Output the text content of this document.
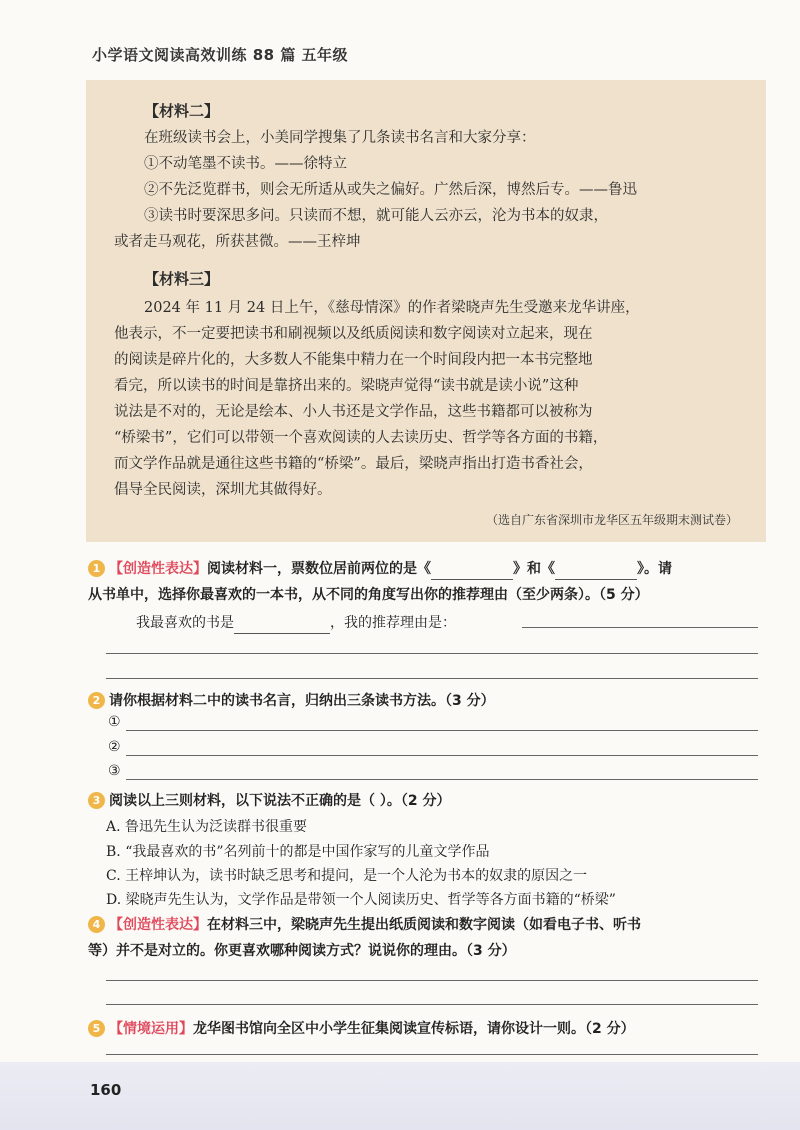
小学语文阅读高效训练 88 篇 五年级
【材料二】
在班级读书会上，小美同学搜集了几条读书名言和大家分享：
①不动笔墨不读书。——徐特立
②不先泛览群书，则会无所适从或失之偏好。广然后深，博然后专。——鲁迅
③读书时要深思多问。只读而不想，就可能人云亦云，沦为书本的奴隶，
或者走马观花，所获甚微。——王梓坤
【材料三】
2024 年 11 月 24 日上午，《慈母情深》的作者梁晓声先生受邀来龙华讲座，
他表示，不一定要把读书和刷视频以及纸质阅读和数字阅读对立起来，现在
的阅读是碎片化的，大多数人不能集中精力在一个时间段内把一本书完整地
看完，所以读书的时间是靠挤出来的。梁晓声觉得“读书就是读小说”这种
说法是不对的，无论是绘本、小人书还是文学作品，这些书籍都可以被称为
“桥梁书”，它们可以带领一个喜欢阅读的人去读历史、哲学等各方面的书籍，
而文学作品就是通往这些书籍的“桥梁”。最后，梁晓声指出打造书香社会，
倡导全民阅读，深圳尤其做得好。
（选自广东省深圳市龙华区五年级期末测试卷）
1 【创造性表达】阅读材料一，票数位居前两位的是《	》和《	》。请
从书单中，选择你最喜欢的一本书，从不同的角度写出你的推荐理由（至少两条）。（5 分）
我最喜欢的书是	，我的推荐理由是：
2 请你根据材料二中的读书名言，归纳出三条读书方法。（3 分）
①
②
③
3 阅读以上三则材料，以下说法不正确的是（ ）。（2 分）
A. 鲁迅先生认为泛读群书很重要
B. “我最喜欢的书”名列前十的都是中国作家写的儿童文学作品
C. 王梓坤认为，读书时缺乏思考和提问，是一个人沦为书本的奴隶的原因之一
D. 梁晓声先生认为，文学作品是带领一个人阅读历史、哲学等各方面书籍的“桥梁”
4 【创造性表达】在材料三中，梁晓声先生提出纸质阅读和数字阅读（如看电子书、听书
等）并不是对立的。你更喜欢哪种阅读方式？说说你的理由。（3 分）
5 【情境运用】龙华图书馆向全区中小学生征集阅读宣传标语，请你设计一则。（2 分）
160
